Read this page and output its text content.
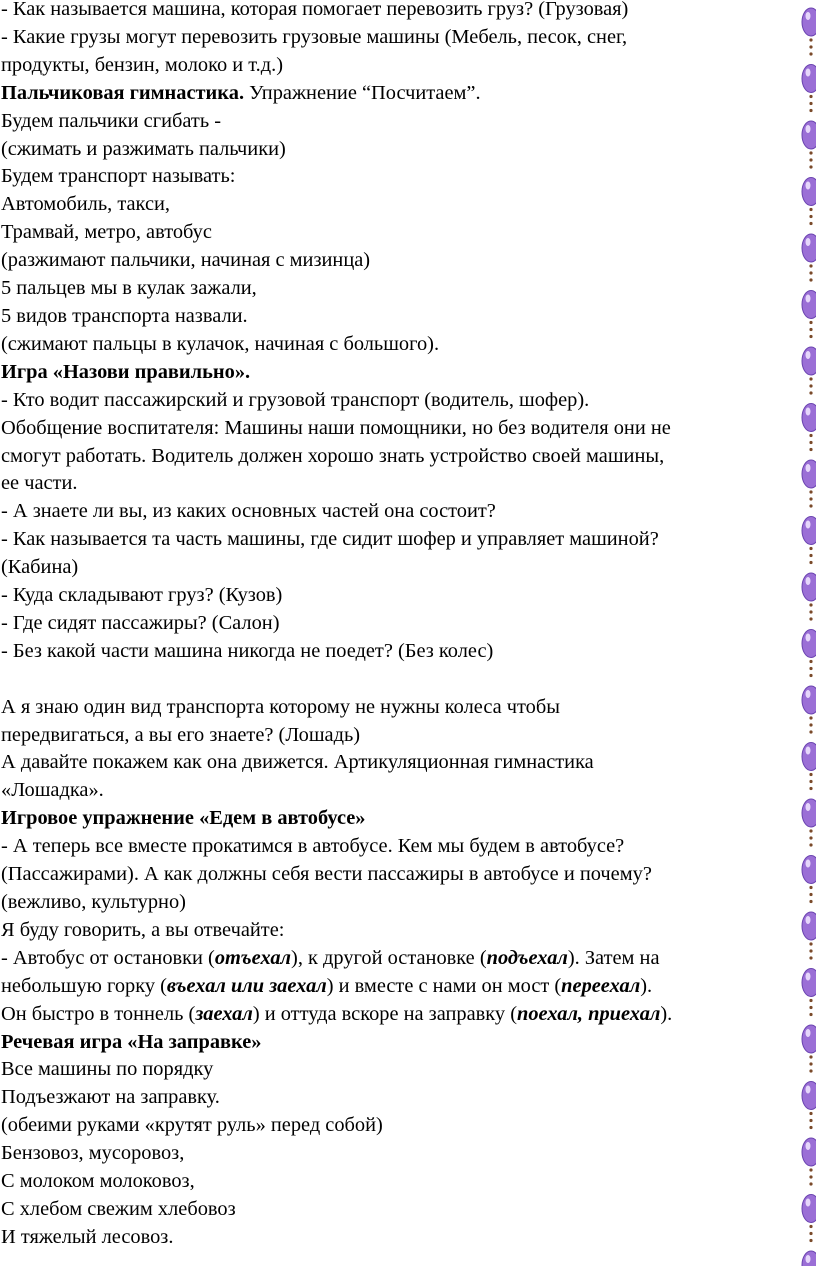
- Как называется машина, которая помогает перевозить груз? (Грузовая)
- Какие грузы могут перевозить грузовые машины (Мебель, песок, снег,
продукты, бензин, молоко и т.д.)
Пальчиковая гимнастика. Упражнение “Посчитаем”.
Будем пальчики сгибать -
(сжимать и разжимать пальчики)
Будем транспорт называть:
Автомобиль, такси,
Трамвай, метро, автобус
(разжимают пальчики, начиная с мизинца)
5 пальцев мы в кулак зажали,
5 видов транспорта назвали.
(сжимают пальцы в кулачок, начиная с большого).
Игра «Назови правильно».
- Кто водит пассажирский и грузовой транспорт (водитель, шофер).
Обобщение воспитателя: Машины наши помощники, но без водителя они не
смогут работать. Водитель должен хорошо знать устройство своей машины,
ее части.
- А знаете ли вы, из каких основных частей она состоит?
- Как называется та часть машины, где сидит шофер и управляет машиной?
(Кабина)
- Куда складывают груз? (Кузов)
- Где сидят пассажиры? (Салон)
- Без какой части машина никогда не поедет? (Без колес)
А я знаю один вид транспорта которому не нужны колеса чтобы
передвигаться, а вы его знаете? (Лошадь)
А давайте покажем как она движется. Артикуляционная гимнастика
«Лошадка».
Игровое упражнение «Едем в автобусе»
- А теперь все вместе прокатимся в автобусе. Кем мы будем в автобусе?
(Пассажирами). А как должны себя вести пассажиры в автобусе и почему?
(вежливо, культурно)
Я буду говорить, а вы отвечайте:
- Автобус от остановки (отъехал), к другой остановке (подъехал). Затем на
небольшую горку (въехал или заехал) и вместе с нами он мост (переехал).
Он быстро в тоннель (заехал) и оттуда вскоре на заправку (поехал, приехал).
Речевая игра «На заправке»
Все машины по порядку
Подъезжают на заправку.
(обеими руками «крутят руль» перед собой)
Бензовоз, мусоровоз,
С молоком молоковоз,
С хлебом свежим хлебовоз
И тяжелый лесовоз.
